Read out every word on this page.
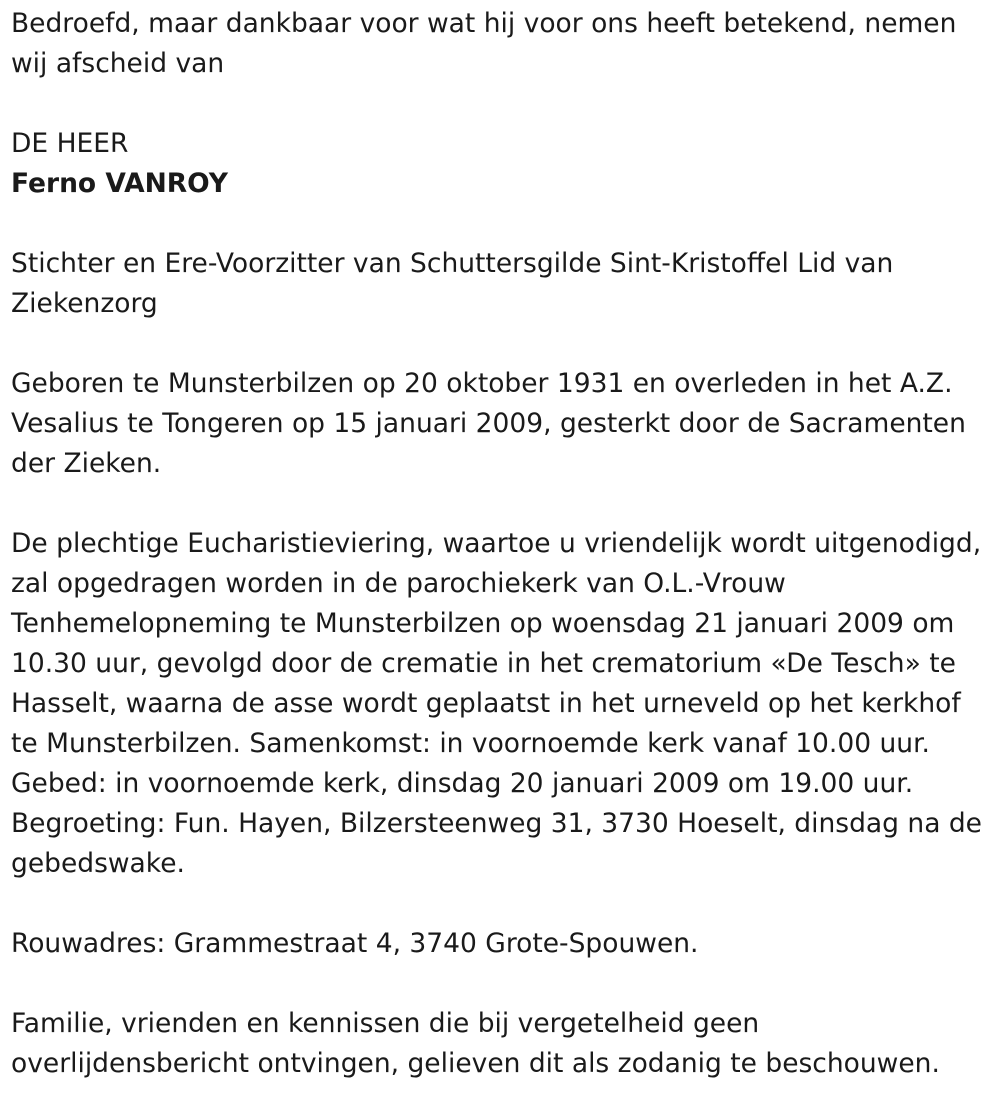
Bedroefd, maar dankbaar voor wat hij voor ons heeft betekend, nemen wij afscheid van

DE HEER

Ferno VANROY

Stichter en Ere-Voorzitter van Schuttersgilde Sint-Kristoffel Lid van Ziekenzorg

Geboren te Munsterbilzen op 20 oktober 1931 en overleden in het A.Z. Vesalius te Tongeren op 15 januari 2009, gesterkt door de Sacramenten der Zieken.

De plechtige Eucharistieviering, waartoe u vriendelijk wordt uitgenodigd, zal opgedragen worden in de parochiekerk van O.L.-Vrouw Tenhemelopneming te Munsterbilzen op woensdag 21 januari 2009 om 10.30 uur, gevolgd door de crematie in het crematorium «De Tesch» te Hasselt, waarna de asse wordt geplaatst in het urneveld op het kerkhof te Munsterbilzen. Samenkomst: in voornoemde kerk vanaf 10.00 uur. Gebed: in voornoemde kerk, dinsdag 20 januari 2009 om 19.00 uur. Begroeting: Fun. Hayen, Bilzersteenweg 31, 3730 Hoeselt, dinsdag na de gebedswake.

Rouwadres: Grammestraat 4, 3740 Grote-Spouwen.

Familie, vrienden en kennissen die bij vergetelheid geen overlijdensbericht ontvingen, gelieven dit als zodanig te beschouwen.
